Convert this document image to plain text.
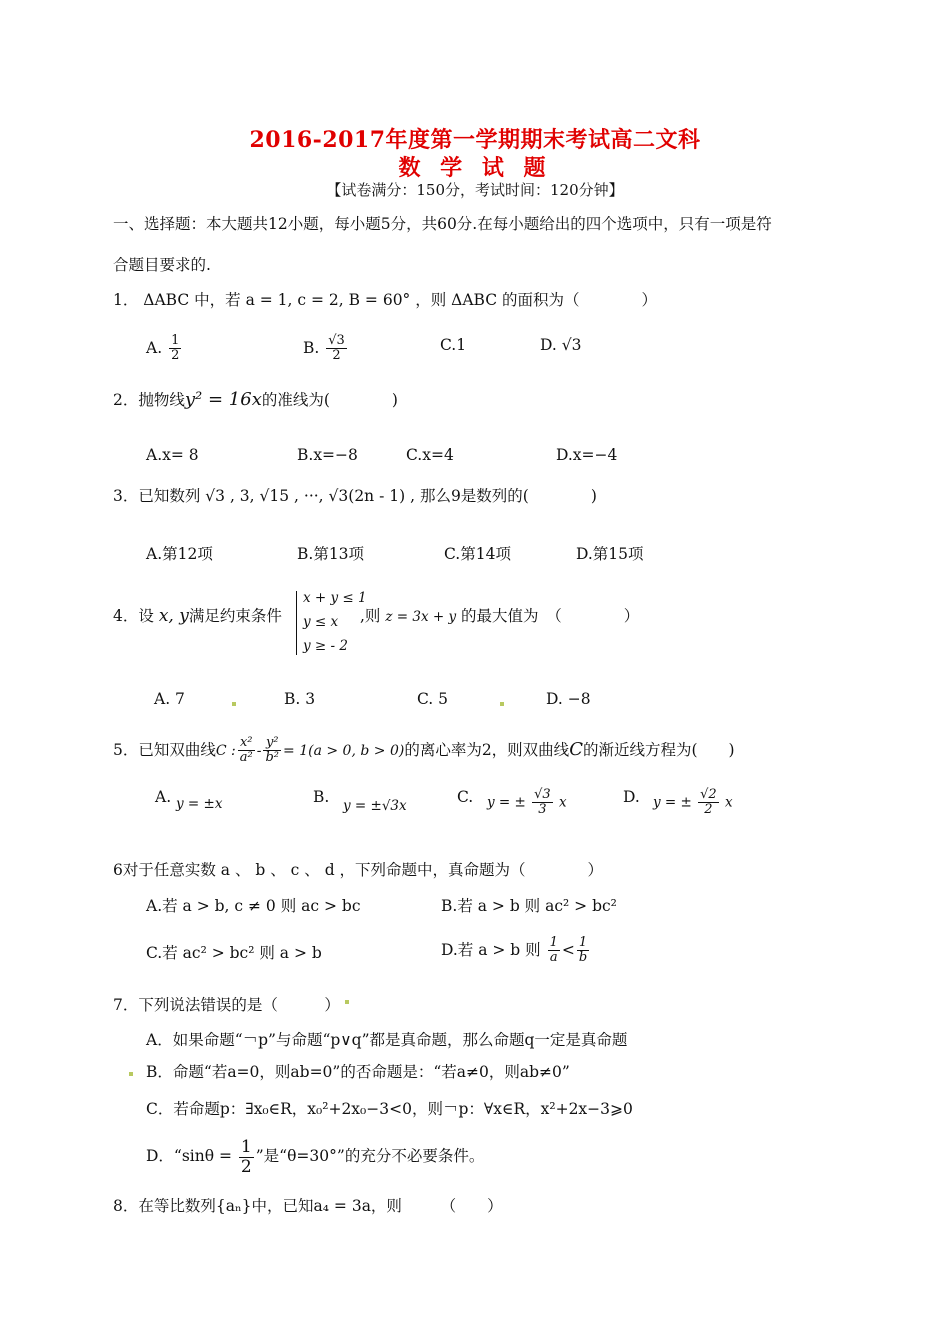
2016-2017年度第一学期期末考试高二文科
数 学 试 题
【试卷满分：150分，考试时间：120分钟】
一、选择题：本大题共12小题，每小题5分，共60分.在每小题给出的四个选项中，只有一项是符
合题目要求的.
1． ΔABC 中，若 a = 1, c = 2, B = 60° ，则 ΔABC 的面积为（　　　　）
A. $\frac{1}{2}$	B. $\frac{√3}{2}$	C.1	D. √3
2．抛物线y² = 16x的准线为(　　　　)
A.x= 8	B.x=−8	C.x=4	D.x=−4
3．已知数列 √3 , 3, √15 , ···, √3(2n - 1) , 那么9是数列的(　　　　)
A.第12项	B.第13项	C.第14项	D.第15项
4．设 x, y满足约束条件
x + y ≤ 1
y ≤ x
y ≥ - 2
,则 z = 3x + y 的最大值为　（　　　　）
A. 7	B. 3	C. 5	D. −8
5．已知双曲线C : $\frac{\text{x²}}{\text{a²}} - \frac{\text{y²}}{\text{b²}} = 1(a > 0$, b > 0)的离心率为2，则双曲线C的渐近线方程为(　　)
A. y = ±x	B. y = ±√3x	C. y = ± $\frac{√3}{3}$ x	D. y = ± $\frac{√2}{2}$ x
6对于任意实数 a 、 b 、 c 、 d ，下列命题中，真命题为（　　　　）
A.若 a > b, c ≠ 0 则 ac > bc	B.若 a > b 则 ac² > bc²
C.若 ac² > bc² 则 a > b	D.若 a > b 则 $\frac{1}{a} < \frac{1}{b}$
7．下列说法错误的是（　　　）
A．如果命题“￢p”与命题“p∨q”都是真命题，那么命题q一定是真命题
B．命题“若a=0，则ab=0”的否命题是：“若a≠0，则ab≠0”
C．若命题p：∃x₀∈R，x₀²+2x₀−3<0，则￢p：∀x∈R，x²+2x−3⩾0
D．“$\sin\theta = \frac{1}{2}$ ”是“θ=30°”的充分不必要条件。
8．在等比数列{aₙ}中，已知a₄ = 3a，则　　　（　　）
